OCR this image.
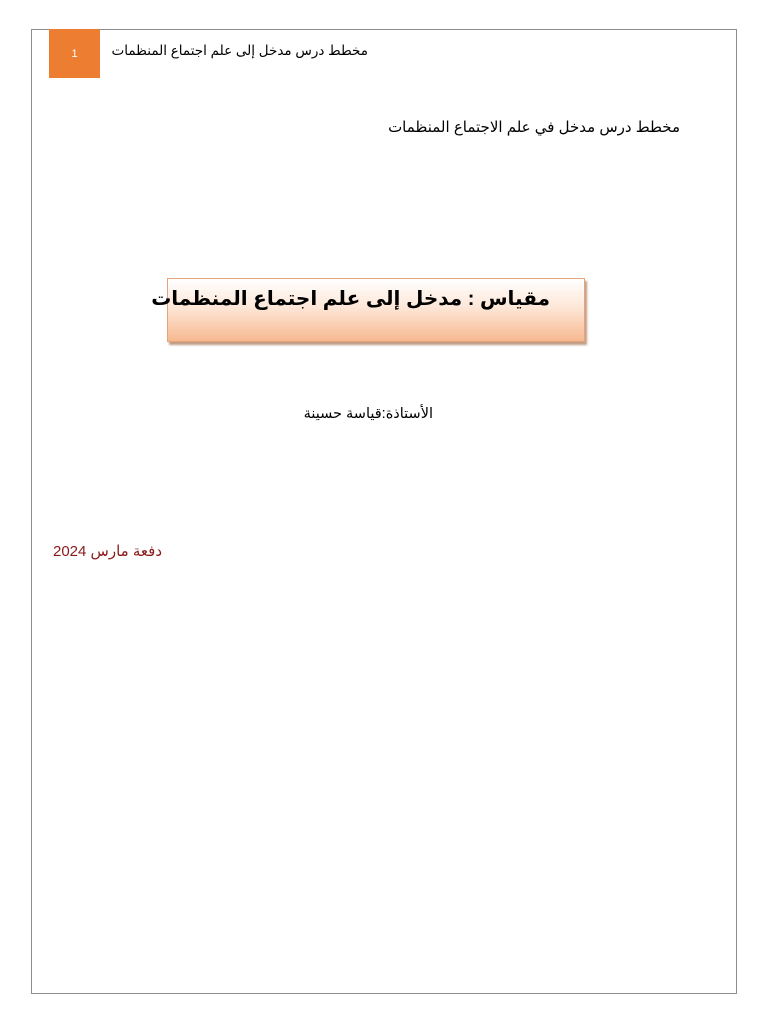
1	مخطط درس مدخل إلى علم اجتماع المنظمات
مخطط درس مدخل في علم الاجتماع المنظمات
مقياس : مدخل إلى علم اجتماع المنظمات
الأستاذة:قياسة حسينة
دفعة مارس 2024
